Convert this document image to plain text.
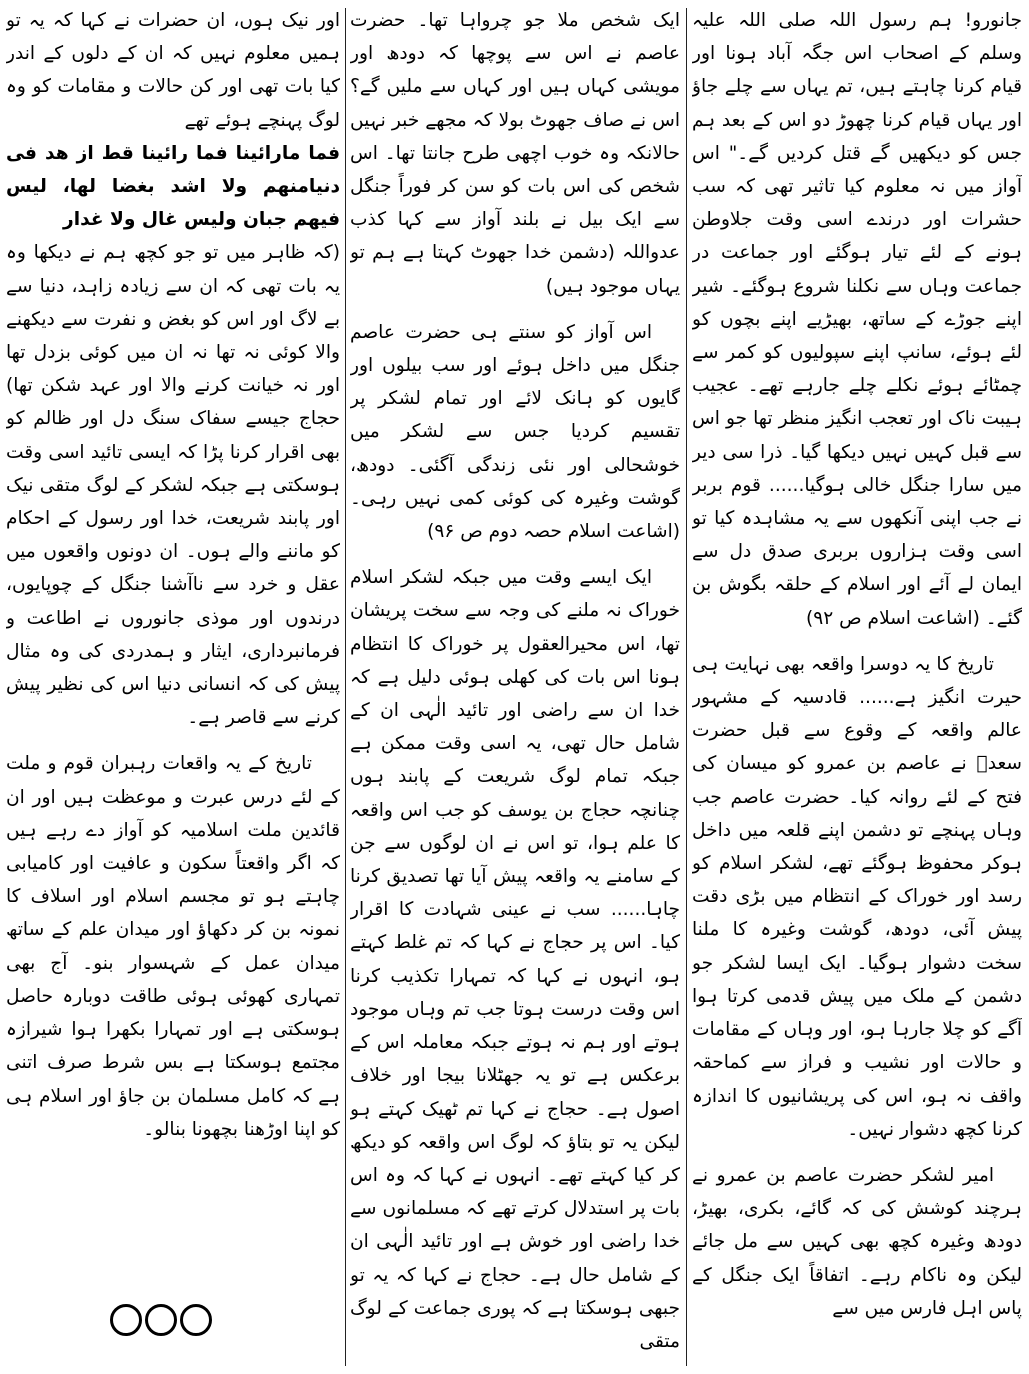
جانورو! ہم رسول اللہ صلی اللہ علیہ وسلم کے اصحاب اس جگہ آباد ہونا اور قیام کرنا چاہتے ہیں، تم یہاں سے چلے جاؤ اور یہاں قیام کرنا چھوڑ دو اس کے بعد ہم جس کو دیکھیں گے قتل کردیں گے۔" اس آواز میں نہ معلوم کیا تاثیر تھی کہ سب حشرات اور درندے اسی وقت جلاوطن ہونے کے لئے تیار ہوگئے اور جماعت در جماعت وہاں سے نکلنا شروع ہوگئے۔ شیر اپنے جوڑے کے ساتھ، بھیڑیے اپنے بچوں کو لئے ہوئے، سانپ اپنے سپولیوں کو کمر سے چمٹائے ہوئے نکلے چلے جارہے تھے۔ عجیب ہیبت ناک اور تعجب انگیز منظر تھا جو اس سے قبل کہیں نہیں دیکھا گیا۔ ذرا سی دیر میں سارا جنگل خالی ہوگیا...... قوم بربر نے جب اپنی آنکھوں سے یہ مشاہدہ کیا تو اسی وقت ہزاروں بربری صدق دل سے ایمان لے آئے اور اسلام کے حلقہ بگوش بن گئے۔ (اشاعت اسلام ص ۹۲)

تاریخ کا یہ دوسرا واقعہ بھی نہایت ہی حیرت انگیز ہے...... قادسیہ کے مشہور عالم واقعہ کے وقوع سے قبل حضرت سعدؓ نے عاصم بن عمرو کو میسان کی فتح کے لئے روانہ کیا۔ حضرت عاصم جب وہاں پہنچے تو دشمن اپنے قلعہ میں داخل ہوکر محفوظ ہوگئے تھے، لشکر اسلام کو رسد اور خوراک کے انتظام میں بڑی دقت پیش آئی، دودھ، گوشت وغیرہ کا ملنا سخت دشوار ہوگیا۔ ایک ایسا لشکر جو دشمن کے ملک میں پیش قدمی کرتا ہوا آگے کو چلا جارہا ہو، اور وہاں کے مقامات و حالات اور نشیب و فراز سے کماحقہ واقف نہ ہو، اس کی پریشانیوں کا اندازہ کرنا کچھ دشوار نہیں۔

امیر لشکر حضرت عاصم بن عمرو نے ہرچند کوشش کی کہ گائے، بکری، بھیڑ، دودھ وغیرہ کچھ بھی کہیں سے مل جائے لیکن وہ ناکام رہے۔ اتفاقاً ایک جنگل کے پاس اہل فارس میں سے

ایک شخص ملا جو چرواہا تھا۔ حضرت عاصم نے اس سے پوچھا کہ دودھ اور مویشی کہاں ہیں اور کہاں سے ملیں گے؟ اس نے صاف جھوٹ بولا کہ مجھے خبر نہیں حالانکہ وہ خوب اچھی طرح جانتا تھا۔ اس شخص کی اس بات کو سن کر فوراً جنگل سے ایک بیل نے بلند آواز سے کہا کذب عدواللہ (دشمن خدا جھوٹ کہتا ہے ہم تو یہاں موجود ہیں)

اس آواز کو سنتے ہی حضرت عاصم جنگل میں داخل ہوئے اور سب بیلوں اور گایوں کو ہانک لائے اور تمام لشکر پر تقسیم کردیا جس سے لشکر میں خوشحالی اور نئی زندگی آگئی۔ دودھ، گوشت وغیرہ کی کوئی کمی نہیں رہی۔ (اشاعت اسلام حصہ دوم ص ۹۶)

ایک ایسے وقت میں جبکہ لشکر اسلام خوراک نہ ملنے کی وجہ سے سخت پریشان تھا، اس محیرالعقول پر خوراک کا انتظام ہونا اس بات کی کھلی ہوئی دلیل ہے کہ خدا ان سے راضی اور تائید الٰہی ان کے شامل حال تھی، یہ اسی وقت ممکن ہے جبکہ تمام لوگ شریعت کے پابند ہوں چنانچہ حجاج بن یوسف کو جب اس واقعہ کا علم ہوا، تو اس نے ان لوگوں سے جن کے سامنے یہ واقعہ پیش آیا تھا تصدیق کرنا چاہا...... سب نے عینی شہادت کا اقرار کیا۔ اس پر حجاج نے کہا کہ تم غلط کہتے ہو، انہوں نے کہا کہ تمہارا تکذیب کرنا اس وقت درست ہوتا جب تم وہاں موجود ہوتے اور ہم نہ ہوتے جبکہ معاملہ اس کے برعکس ہے تو یہ جھٹلانا بیجا اور خلاف اصول ہے۔ حجاج نے کہا تم ٹھیک کہتے ہو لیکن یہ تو بتاؤ کہ لوگ اس واقعہ کو دیکھ کر کیا کہتے تھے۔ انہوں نے کہا کہ وہ اس بات پر استدلال کرتے تھے کہ مسلمانوں سے خدا راضی اور خوش ہے اور تائید الٰہی ان کے شامل حال ہے۔ حجاج نے کہا کہ یہ تو جبھی ہوسکتا ہے کہ پوری جماعت کے لوگ متقی

اور نیک ہوں، ان حضرات نے کہا کہ یہ تو ہمیں معلوم نہیں کہ ان کے دلوں کے اندر کیا بات تھی اور کن حالات و مقامات کو وہ لوگ پہنچے ہوئے تھے

فما مارائینا فما رائینا قط از هد فی دنیامنهم ولا اشد بغضا لها، لیس فیهم جبان ولیس غال ولا غدار

(کہ ظاہر میں تو جو کچھ ہم نے دیکھا وہ یہ بات تھی کہ ان سے زیادہ زاہد، دنیا سے بے لاگ اور اس کو بغض و نفرت سے دیکھنے والا کوئی نہ تھا نہ ان میں کوئی بزدل تھا اور نہ خیانت کرنے والا اور عہد شکن تھا) حجاج جیسے سفاک سنگ دل اور ظالم کو بھی اقرار کرنا پڑا کہ ایسی تائید اسی وقت ہوسکتی ہے جبکہ لشکر کے لوگ متقی نیک اور پابند شریعت، خدا اور رسول کے احکام کو ماننے والے ہوں۔ ان دونوں واقعوں میں عقل و خرد سے ناآشنا جنگل کے چوپایوں، درندوں اور موذی جانوروں نے اطاعت و فرمانبرداری، ایثار و ہمدردی کی وہ مثال پیش کی کہ انسانی دنیا اس کی نظیر پیش کرنے سے قاصر ہے۔

تاریخ کے یہ واقعات رہبران قوم و ملت کے لئے درس عبرت و موعظت ہیں اور ان قائدین ملت اسلامیہ کو آواز دے رہے ہیں کہ اگر واقعتاً سکون و عافیت اور کامیابی چاہتے ہو تو مجسم اسلام اور اسلاف کا نمونہ بن کر دکھاؤ اور میدان علم کے ساتھ میدان عمل کے شہسوار بنو۔ آج بھی تمہاری کھوئی ہوئی طاقت دوبارہ حاصل ہوسکتی ہے اور تمہارا بکھرا ہوا شیرازہ مجتمع ہوسکتا ہے بس شرط صرف اتنی ہے کہ کامل مسلمان بن جاؤ اور اسلام ہی کو اپنا اوڑھنا بچھونا بنالو۔
